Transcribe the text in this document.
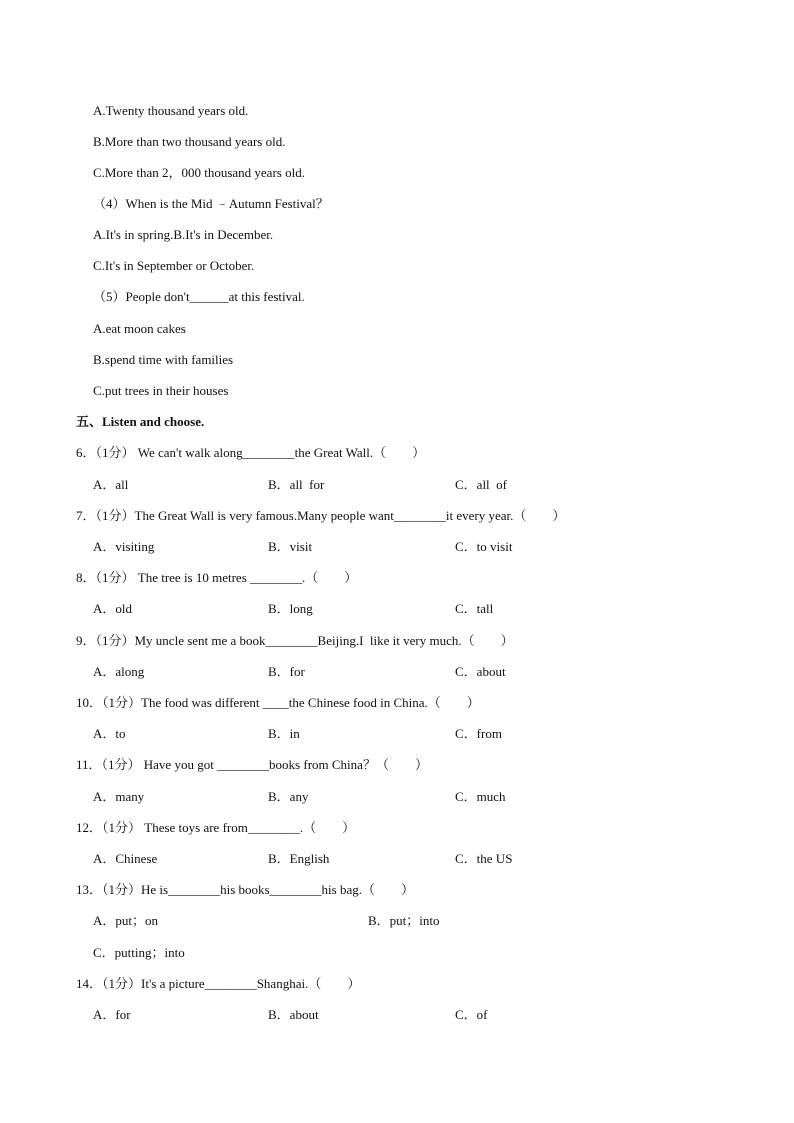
A.Twenty thousand years old.
B.More than two thousand years old.
C.More than 2，000 thousand years old.
（4）When is the Mid ﹣Autumn Festival？
A.It's in spring.B.It's in December.
C.It's in September or October.
（5）People don't______at this festival.
A.eat moon cakes
B.spend time with families
C.put trees in their houses
五、Listen and choose.
6．（1分） We can't walk along________the Great Wall.（　　）
A．all	B．all  for	C．all  of
7．（1分）The Great Wall is very famous.Many people want________it every year.（　　）
A．visiting	B．visit	C．to visit
8．（1分） The tree is 10 metres ________.（　　）
A．old	B．long	C．tall
9．（1分）My uncle sent me a book________Beijing.I  like it very much.（　　）
A．along	B．for	C．about
10．（1分）The food was different ____the Chinese food in China.（　　）
A．to	B．in	C．from
11．（1分） Have you got ________books from China？（　　）
A．many	B．any	C．much
12．（1分） These toys are from________.（　　）
A．Chinese	B．English	C．the US
13．（1分）He is________his books________his bag.（　　）
A．put；on	B．put；into
C．putting；into
14．（1分）It's a picture________Shanghai.（　　）
A．for	B．about	C．of
